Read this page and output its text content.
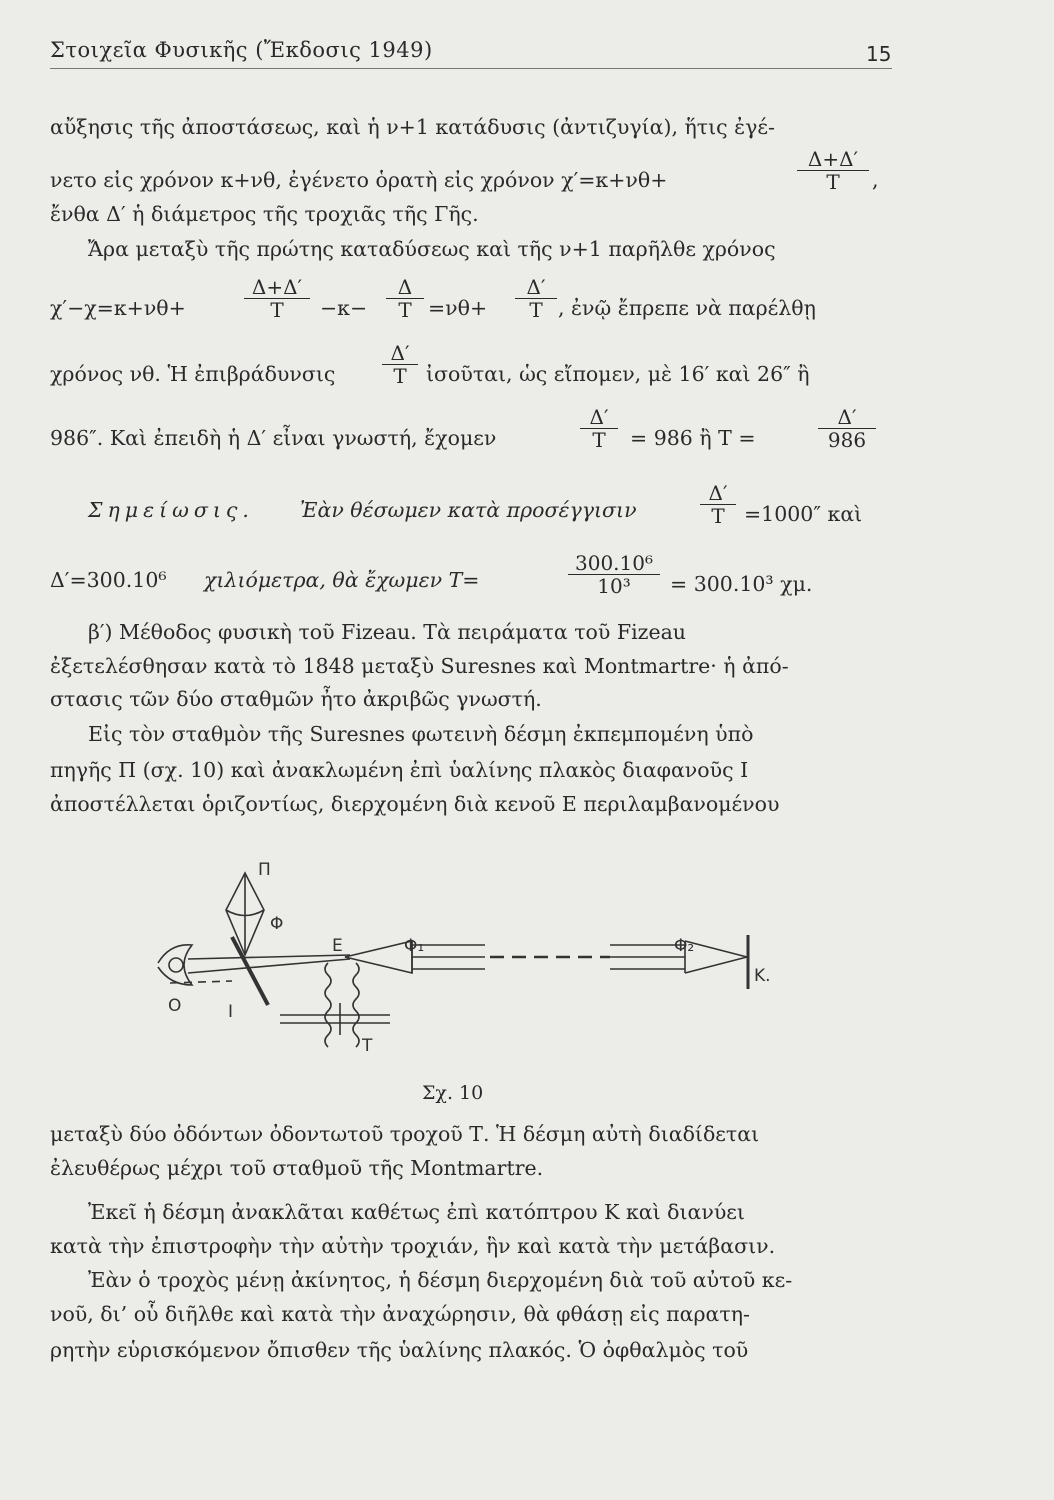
Στοιχεῖα Φυσικῆς (Ἔκδοσις 1949)	15
αὔξησις τῆς ἀποστάσεως, καὶ ἡ ν+1 κατάδυσις (ἀντιζυγία), ἥτις ἐγέ-
νετο εἰς χρόνον κ+νθ, ἐγένετο ὁρατὴ εἰς χρόνον χ′=κ+νθ+	$\frac{\Delta+\Delta'}{T}$ ,
ἔνθα Δ′ ἡ διάμετρος τῆς τροχιᾶς τῆς Γῆς.
Ἄρα μεταξὺ τῆς πρώτης καταδύσεως καὶ τῆς ν+1 παρῆλθε χρόνος
χ′−χ=κ+νθ+	$\frac{\Delta+\Delta'}{T} -\kappa- \frac{\Delta}{T} =\nu\theta+ \frac{\Delta'}{T}$ , ἐνῷ ἔπρεπε νὰ παρέλθῃ
χρόνος νθ. Ἡ ἐπιβράδυνσις $\frac{\Delta'}{T}$ ἰσοῦται, ὡς εἴπομεν, μὲ 16′ καὶ 26″ ἢ
986″. Καὶ ἐπειδὴ ἡ Δ′ εἶναι γνωστή, ἔχομεν	$\frac{\Delta'}{T} = 986$ ἢ Τ =	$\frac{\Delta'}{986}$
Σημείωσις. Ἐὰν θέσωμεν κατὰ προσέγγισιν	$\frac{\Delta'}{T} =1000''$ καὶ
Δ′=300.10⁶ χιλιόμετρα, θὰ ἔχωμεν Τ=	$\frac{\text{300.10⁶}}{\text{10³}} = 300.10^3$ χμ.
β′) Μέθοδος φυσικὴ τοῦ Fizeau. Τὰ πειράματα τοῦ Fizeau
ἐξετελέσθησαν κατὰ τὸ 1848 μεταξὺ Suresnes καὶ Montmartre· ἡ ἀπό-
στασις τῶν δύο σταθμῶν ἦτο ἀκριβῶς γνωστή.
Εἰς τὸν σταθμὸν τῆς Suresnes φωτεινὴ δέσμη ἐκπεμπομένη ὑπὸ
πηγῆς Π (σχ. 10) καὶ ἀνακλωμένη ἐπὶ ὑαλίνης πλακὸς διαφανοῦς Ι
ἀποστέλλεται ὁριζοντίως, διερχομένη διὰ κενοῦ Ε περιλαμβανομένου
Π
Φ
Ε	Φ₁	Φ₂
Κ.
Ο	Ι
Τ
Σχ. 10
μεταξὺ δύο ὀδόντων ὀδοντωτοῦ τροχοῦ Τ. Ἡ δέσμη αὐτὴ διαδίδεται
ἐλευθέρως μέχρι τοῦ σταθμοῦ τῆς Montmartre.
Ἐκεῖ ἡ δέσμη ἀνακλᾶται καθέτως ἐπὶ κατόπτρου Κ καὶ διανύει
κατὰ τὴν ἐπιστροφὴν τὴν αὐτὴν τροχιάν, ἣν καὶ κατὰ τὴν μετάβασιν.
Ἐὰν ὁ τροχὸς μένῃ ἀκίνητος, ἡ δέσμη διερχομένη διὰ τοῦ αὐτοῦ κε-
νοῦ, δι’ οὗ διῆλθε καὶ κατὰ τὴν ἀναχώρησιν, θὰ φθάσῃ εἰς παρατη-
ρητὴν εὑρισκόμενον ὄπισθεν τῆς ὑαλίνης πλακός. Ὁ ὀφθαλμὸς τοῦ
